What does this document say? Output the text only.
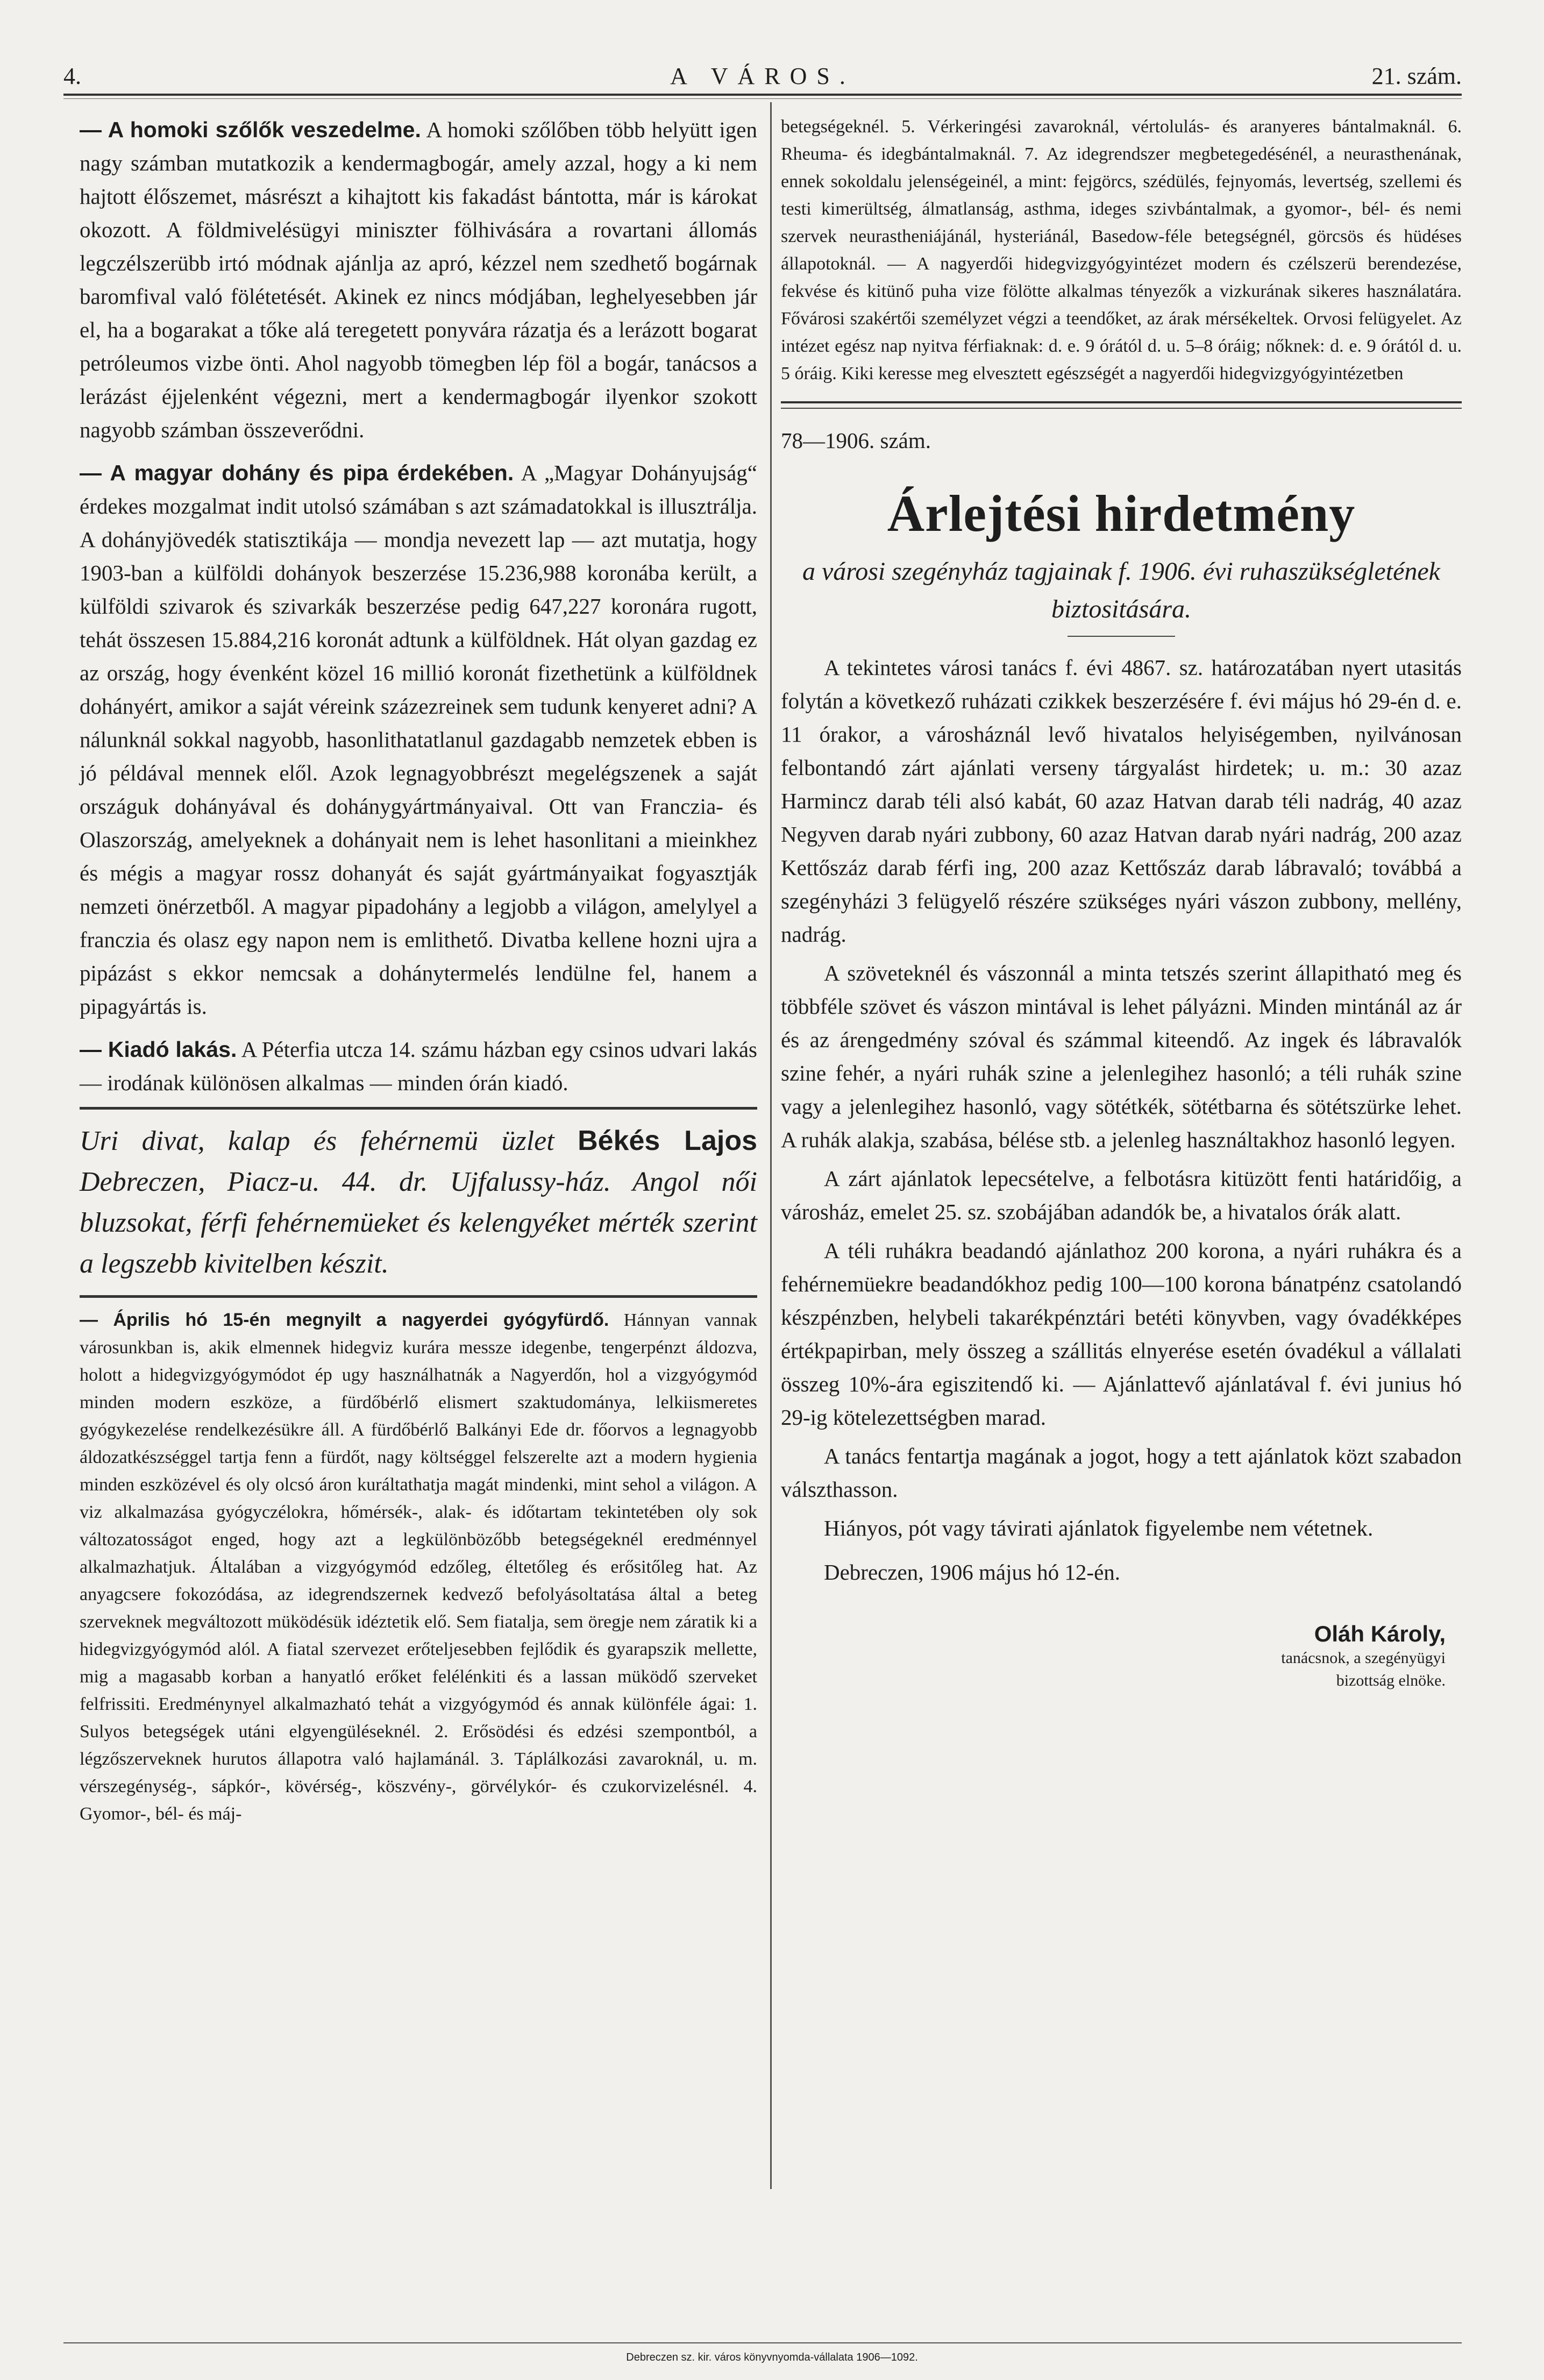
4.	A VÁROS.	21. szám.

— A homoki szőlők veszedelme. A homoki szőlőben több helyütt igen nagy számban mutatkozik a kendermagbogár, amely azzal, hogy a ki nem hajtott élőszemet, másrészt a kihajtott kis fakadást bántotta, már is károkat okozott. A földmivelésügyi miniszter fölhivására a rovartani állomás legczélszerübb irtó módnak ajánlja az apró, kézzel nem szedhető bogárnak baromfival való fölétetését. Akinek ez nincs módjában, leghelyesebben jár el, ha a bogarakat a tőke alá teregetett ponyvára rázatja és a lerázott bogarat petróleumos vizbe önti. Ahol nagyobb tömegben lép föl a bogár, tanácsos a lerázást éjjelenként végezni, mert a kendermagbogár ilyenkor szokott nagyobb számban összeverődni.

— A magyar dohány és pipa érdekében. A „Magyar Dohányujság“ érdekes mozgalmat indit utolsó számában s azt számadatokkal is illusztrálja. A dohányjövedék statisztikája — mondja nevezett lap — azt mutatja, hogy 1903-ban a külföldi dohányok beszerzése 15.236,988 koronába került, a külföldi szivarok és szivarkák beszerzése pedig 647,227 koronára rugott, tehát összesen 15.884,216 koronát adtunk a külföldnek. Hát olyan gazdag ez az ország, hogy évenként közel 16 millió koronát fizethetünk a külföldnek dohányért, amikor a saját véreink százezreinek sem tudunk kenyeret adni? A nálunknál sokkal nagyobb, hasonlithatatlanul gazdagabb nemzetek ebben is jó példával mennek elől. Azok legnagyobbrészt megelégszenek a saját országuk dohányával és dohánygyártmányaival. Ott van Franczia- és Olaszország, amelyeknek a dohányait nem is lehet hasonlitani a mieinkhez és mégis a magyar rossz dohanyát és saját gyártmányaikat fogyasztják nemzeti önérzetből. A magyar pipadohány a legjobb a világon, amelylyel a franczia és olasz egy napon nem is emlithető. Divatba kellene hozni ujra a pipázást s ekkor nemcsak a dohánytermelés lendülne fel, hanem a pipagyártás is.

— Kiadó lakás. A Péterfia utcza 14. számu házban egy csinos udvari lakás — irodának különösen alkalmas — minden órán kiadó.

Uri divat, kalap és fehérnemü üzlet Békés Lajos Debreczen, Piacz-u. 44. dr. Ujfalussy-ház. Angol női bluzsokat, férfi fehérnemüeket és kelengyéket mérték szerint a legszebb kivitelben készit.

— Április hó 15-én megnyilt a nagyerdei gyógyfürdő. Hánnyan vannak városunkban is, akik elmennek hidegviz kurára messze idegenbe, tengerpénzt áldozva, holott a hidegvizgyógymódot ép ugy használhatnák a Nagyerdőn, hol a vizgyógymód minden modern eszköze, a fürdőbérlő elismert szaktudománya, lelkiismeretes gyógykezelése rendelkezésükre áll. A fürdőbérlő Balkányi Ede dr. főorvos a legnagyobb áldozatkészséggel tartja fenn a fürdőt, nagy költséggel felszerelte azt a modern hygienia minden eszközével és oly olcsó áron kuráltathatja magát mindenki, mint sehol a világon. A viz alkalmazása gyógyczélokra, hőmérsék-, alak- és időtartam tekintetében oly sok változatosságot enged, hogy azt a legkülönbözőbb betegségeknél eredménnyel alkalmazhatjuk. Általában a vizgyógymód edzőleg, éltetőleg és erősitőleg hat. Az anyagcsere fokozódása, az idegrendszernek kedvező befolyásoltatása által a beteg szerveknek megváltozott müködésük idéztetik elő. Sem fiatalja, sem öregje nem záratik ki a hidegvizgyógymód alól. A fiatal szervezet erőteljesebben fejlődik és gyarapszik mellette, mig a magasabb korban a hanyatló erőket felélénkiti és a lassan müködő szerveket felfrissiti. Eredménynyel alkalmazható tehát a vizgyógymód és annak különféle ágai: 1. Sulyos betegségek utáni elgyengüléseknél. 2. Erősödési és edzési szempontból, a légzőszerveknek hurutos állapotra való hajlamánál. 3. Táplálkozási zavaroknál, u. m. vérszegénység-, sápkór-, kövérség-, köszvény-, görvélykór- és czukorvizelésnél. 4. Gyomor-, bél- és máj-

betegségeknél. 5. Vérkeringési zavaroknál, vértolulás- és aranyeres bántalmaknál. 6. Rheuma- és idegbántalmaknál. 7. Az idegrendszer megbetegedésénél, a neurasthenának, ennek sokoldalu jelenségeinél, a mint: fejgörcs, szédülés, fejnyomás, levertség, szellemi és testi kimerültség, álmatlanság, asthma, ideges szivbántalmak, a gyomor-, bél- és nemi szervek neurastheniájánál, hysteriánál, Basedow-féle betegségnél, görcsös és hüdéses állapotoknál. — A nagyerdői hidegvizgyógyintézet modern és czélszerü berendezése, fekvése és kitünő puha vize fölötte alkalmas tényezők a vizkurának sikeres használatára. Fővárosi szakértői személyzet végzi a teendőket, az árak mérsékeltek. Orvosi felügyelet. Az intézet egész nap nyitva férfiaknak: d. e. 9 órától d. u. 5–8 óráig; nőknek: d. e. 9 órától d. u. 5 óráig. Kiki keresse meg elvesztett egészségét a nagyerdői hidegvizgyógyintézetben

78—1906. szám.

Árlejtési hirdetmény
a városi szegényház tagjainak f. 1906. évi ruhaszükségletének biztositására.

A tekintetes városi tanács f. évi 4867. sz. határozatában nyert utasitás folytán a következő ruházati czikkek beszerzésére f. évi május hó 29-én d. e. 11 órakor, a városháznál levő hivatalos helyiségemben, nyilvánosan felbontandó zárt ajánlati verseny tárgyalást hirdetek; u. m.: 30 azaz Harmincz darab téli alsó kabát, 60 azaz Hatvan darab téli nadrág, 40 azaz Negyven darab nyári zubbony, 60 azaz Hatvan darab nyári nadrág, 200 azaz Kettőszáz darab férfi ing, 200 azaz Kettőszáz darab lábravaló; továbbá a szegényházi 3 felügyelő részére szükséges nyári vászon zubbony, mellény, nadrág.

A szöveteknél és vászonnál a minta tetszés szerint állapitható meg és többféle szövet és vászon mintával is lehet pályázni. Minden mintánál az ár és az árengedmény szóval és számmal kiteendő. Az ingek és lábravalók szine fehér, a nyári ruhák szine a jelenlegihez hasonló; a téli ruhák szine vagy a jelenlegihez hasonló, vagy sötétkék, sötétbarna és sötétszürke lehet. A ruhák alakja, szabása, bélése stb. a jelenleg használtakhoz hasonló legyen.

A zárt ajánlatok lepecsételve, a felbotásra kitüzött fenti határidőig, a városház, emelet 25. sz. szobájában adandók be, a hivatalos órák alatt.

A téli ruhákra beadandó ajánlathoz 200 korona, a nyári ruhákra és a fehérnemüekre beadandókhoz pedig 100—100 korona bánatpénz csatolandó készpénzben, helybeli takarékpénztári betéti könyvben, vagy óvadékképes értékpapirban, mely összeg a szállitás elnyerése esetén óvadékul a vállalati összeg 10%-ára egiszitendő ki. — Ajánlattevő ajánlatával f. évi junius hó 29-ig kötelezettségben marad.

A tanács fentartja magának a jogot, hogy a tett ajánlatok közt szabadon válszthasson.

Hiányos, pót vagy távirati ajánlatok figyelembe nem vétetnek.

Debreczen, 1906 május hó 12-én.

Oláh Károly,
tanácsnok, a szegényügyi
bizottság elnöke.
Debreczen sz. kir. város könyvnyomda-vállalata 1906—1092.
